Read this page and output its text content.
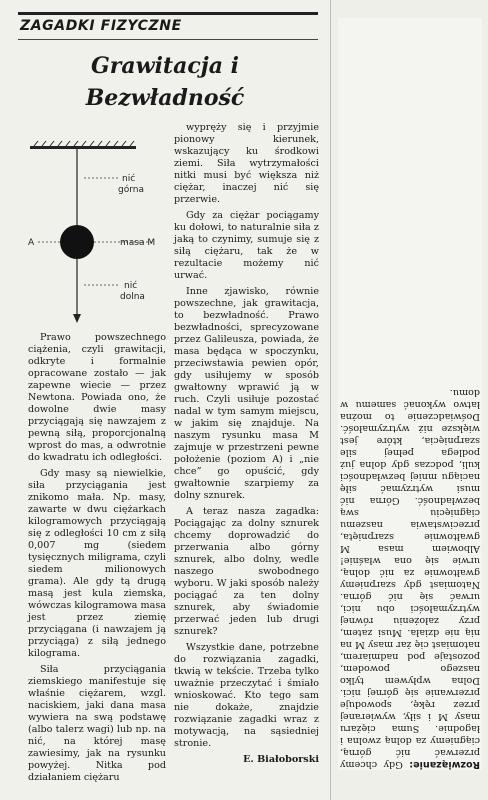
ZAGADKI FIZYCZNE
Grawitacja i
Bezwładność
nić
górna
A	masa M
nić
dolna

Prawo powszechnego ciążenia, czyli grawitacji, odkryte i formalnie opracowane zostało — jak zapewne wiecie — przez Newtona. Powiada ono, że dowolne dwie masy przyciągają się nawzajem z pewną siłą, proporcjonalną wprost do mas, a odwrotnie do kwadratu ich odległości.

Gdy masy są niewielkie, siła przyciągania jest znikomo mała. Np. masy, zawarte w dwu ciężarkach kilogramowych przyciągają się z odległości 10 cm z siłą 0,007 mg (siedem tysięcznych miligrama, czyli siedem milionowych grama). Ale gdy tą drugą masą jest kula ziemska, wówczas kilogramowa masa jest przez ziemię przyciągana (i nawzajem ją przyciąga) z siłą jednego kilograma.

Siła przyciągania ziemskiego manifestuje się właśnie ciężarem, wzgl. naciskiem, jaki dana masa wywiera na swą podstawę (albo talerz wagi) lub np. na nić, na której masę zawiesimy, jak na rysunku powyżej. Nitka pod działaniem ciężaru

wypręży się i przyjmie pionowy kierunek, wskazujący ku środkowi ziemi. Siła wytrzymałości nitki musi być większa niż ciężar, inaczej nić się przerwie.

Gdy za ciężar pociągamy ku dołowi, to naturalnie siła z jaką to czynimy, sumuje się z siłą ciężaru, tak że w rezultacie możemy nić urwać.

Inne zjawisko, równie powszechne, jak grawitacja, to bezwładność. Prawo bezwładności, sprecyzowane przez Galileusza, powiada, że masa będąca w spoczynku, przeciwstawia pewien opór, gdy usiłujemy w sposób gwałtowny wprawić ją w ruch. Czyli usiłuje pozostać nadal w tym samym miejscu, w jakim się znajduje. Na naszym rysunku masa M zajmuje w przestrzeni pewne położenie (poziom A) i „nie chce” go opuścić, gdy gwałtownie szarpiemy za dolny sznurek.

A teraz nasza zagadka: Pociągając za dolny sznurek chcemy doprowadzić do przerwania albo górny sznurek, albo dolny, wedle naszego swobodnego wyboru. W jaki sposób należy pociągać za ten dolny sznurek, aby świadomie przerwać jeden lub drugi sznurek?

Wszystkie dane, potrzebne do rozwiązania zagadki, tkwią w tekście. Trzeba tylko uważnie przeczytać i śmiało wnioskować. Kto tego sam nie dokaże, znajdzie rozwiązanie zagadki wraz z motywacją, na sąsiedniej stronie.

E. Białoborski	Rozwiązanie: Gdy chcemy przerwać nić górną, ciągniemy za dolną zwolna i łagodnie. Suma ciężaru masy M i siły, wywieranej przez rękę, spowoduje przerwanie się górnej nici. Dolna wpływem tylko naszego powodem, pozostaje pod nadmiarem, natomiast cię żar masy M na nią nie działa. Musi zatem, przy założeniu równej wytrzymałości obu nici, urwać się nić górna. Natomiast gdy szarpniemy gwałtownie za nić dolną, urwie się ona właśnie! Albowiem masa M gwałtownie szarpnięta, przeciwstawia naszemu ciągnięciu swą bezwładność. Górna nić musi wytrzymać siłę naciągu mniej bezwładności kuli, podczas gdy dolna już podlega pełnej sile szarpnięcia, które jest większe niż wytrzymałość. Doświadczenie to można łatwo wykonać samemu w domu.
